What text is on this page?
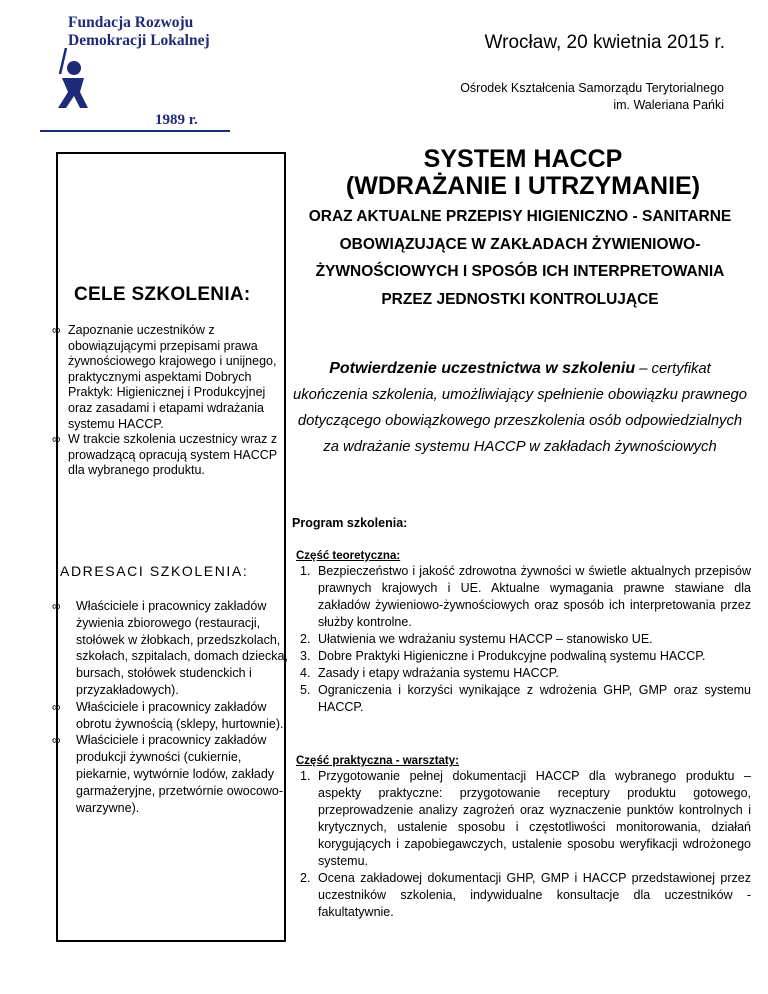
Fundacja Rozwoju Demokracji Lokalnej
1989 r.
Wrocław, 20 kwietnia 2015 r.
Ośrodek Kształcenia Samorządu Terytorialnego
im. Waleriana Pańki
CELE SZKOLENIA:
∞ Zapoznanie uczestników z obowiązującymi przepisami prawa żywnościowego krajowego i unijnego, praktycznymi aspektami Dobrych Praktyk: Higienicznej i Produkcyjnej oraz zasadami i etapami wdrażania systemu HACCP.
∞ W trakcie szkolenia uczestnicy wraz z prowadzącą opracują system HACCP dla wybranego produktu.
ADRESACI SZKOLENIA:
∞ Właściciele i pracownicy zakładów żywienia zbiorowego (restauracji, stołówek w żłobkach, przedszkolach, szkołach, szpitalach, domach dziecka, bursach, stołówek studenckich i przyzakładowych).
∞ Właściciele i pracownicy zakładów obrotu żywnością (sklepy, hurtownie).
∞ Właściciele i pracownicy zakładów produkcji żywności (cukiernie, piekarnie, wytwórnie lodów, zakłady garmażeryjne, przetwórnie owocowo-warzywne).
SYSTEM HACCP
(WDRAŻANIE I UTRZYMANIE)
ORAZ AKTUALNE PRZEPISY HIGIENICZNO - SANITARNE OBOWIĄZUJĄCE W ZAKŁADACH ŻYWIENIOWO-ŻYWNOŚCIOWYCH I SPOSÓB ICH INTERPRETOWANIA PRZEZ JEDNOSTKI KONTROLUJĄCE
Potwierdzenie uczestnictwa w szkoleniu – certyfikat ukończenia szkolenia, umożliwiający spełnienie obowiązku prawnego dotyczącego obowiązkowego przeszkolenia osób odpowiedzialnych za wdrażanie systemu HACCP w zakładach żywnościowych
Program szkolenia:
Część teoretyczna:
1. Bezpieczeństwo i jakość zdrowotna żywności w świetle aktualnych przepisów prawnych krajowych i UE. Aktualne wymagania prawne stawiane dla zakładów żywieniowo-żywnościowych oraz sposób ich interpretowania przez służby kontrolne.
2. Ułatwienia we wdrażaniu systemu HACCP – stanowisko UE.
3. Dobre Praktyki Higieniczne i Produkcyjne podwaliną systemu HACCP.
4. Zasady i etapy wdrażania systemu HACCP.
5. Ograniczenia i korzyści wynikające z wdrożenia GHP, GMP oraz systemu HACCP.
Część praktyczna - warsztaty:
1. Przygotowanie pełnej dokumentacji HACCP dla wybranego produktu – aspekty praktyczne: przygotowanie receptury produktu gotowego, przeprowadzenie analizy zagrożeń oraz wyznaczenie punktów kontrolnych i krytycznych, ustalenie sposobu i częstotliwości monitorowania, działań korygujących i zapobiegawczych, ustalenie sposobu weryfikacji wdrożonego systemu.
2. Ocena zakładowej dokumentacji GHP, GMP i HACCP przedstawionej przez uczestników szkolenia, indywidualne konsultacje dla uczestników - fakultatywnie.
